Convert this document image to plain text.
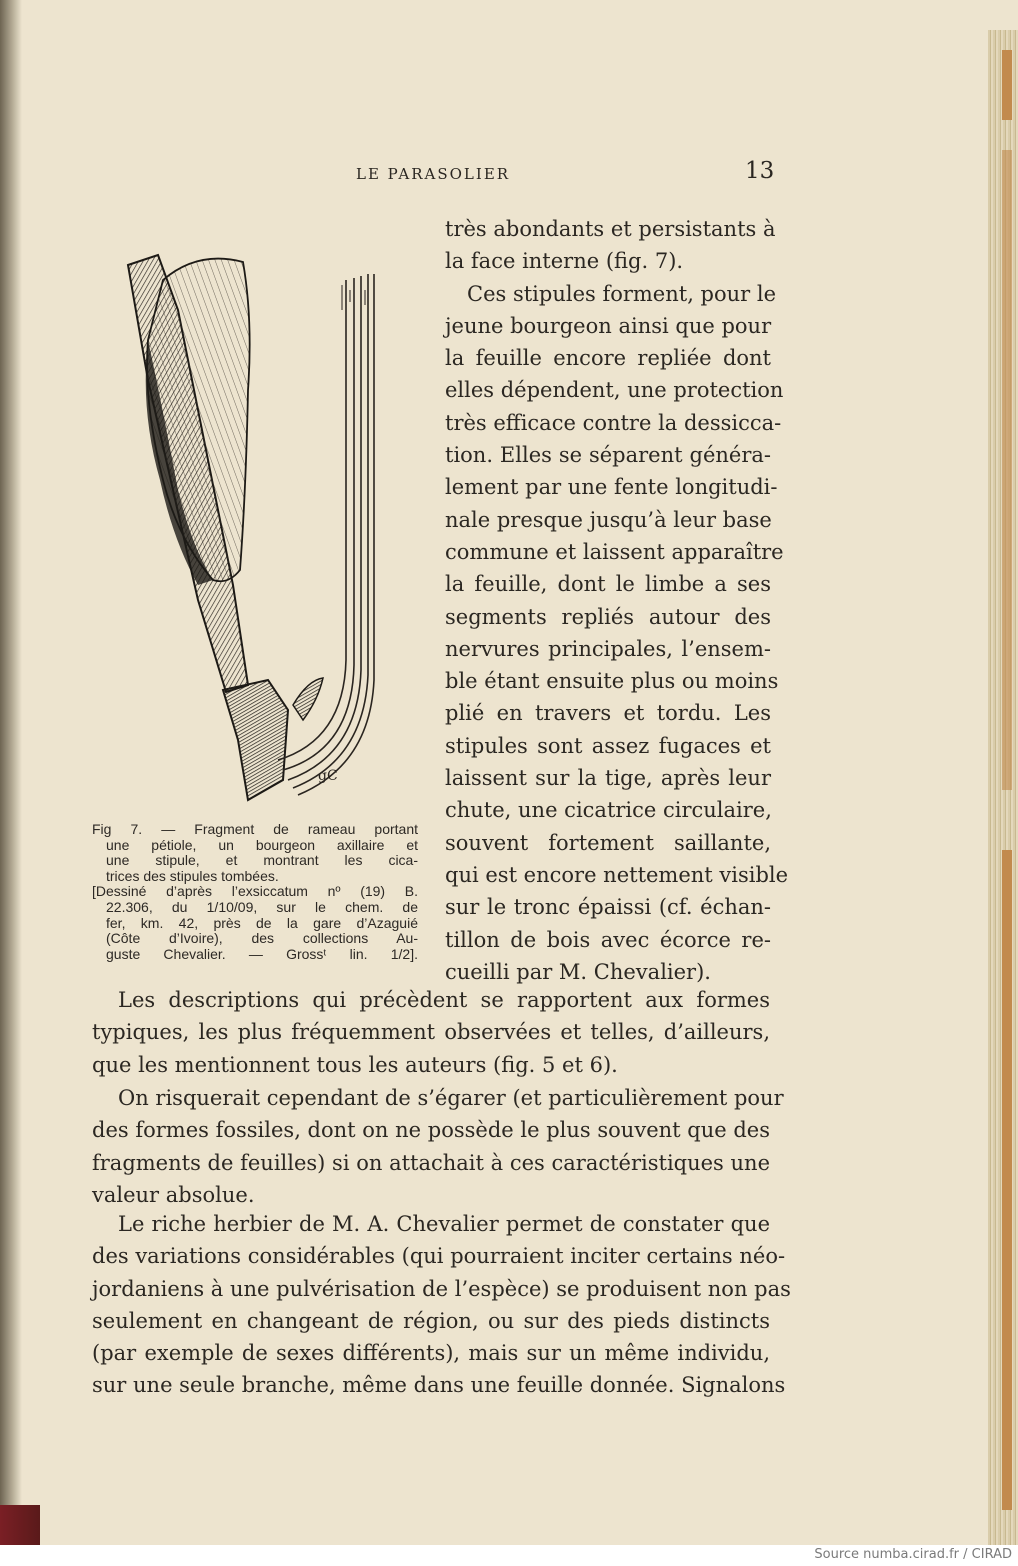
LE PARASOLIER	13
gC
Fig 7. — Fragment de rameau portant
une pétiole, un bourgeon axillaire et
une stipule, et montrant les cica-
trices des stipules tombées.
[Dessiné d’après l’exsiccatum nº (19) B.
22.306, du 1/10/09, sur le chem. de
fer, km. 42, près de la gare d’Azaguié
(Côte d’Ivoire), des collections Au-
guste Chevalier. — Grossᵗ lin. 1/2].
très abondants et persistants à
la face interne (fig. 7).
Ces stipules forment, pour le
jeune bourgeon ainsi que pour
la feuille encore repliée dont
elles dépendent, une protection
très efficace contre la dessicca-
tion. Elles se séparent généra-
lement par une fente longitudi-
nale presque jusqu’à leur base
commune et laissent apparaître
la feuille, dont le limbe a ses
segments repliés autour des
nervures principales, l’ensem-
ble étant ensuite plus ou moins
plié en travers et tordu. Les
stipules sont assez fugaces et
laissent sur la tige, après leur
chute, une cicatrice circulaire,
souvent fortement saillante,
qui est encore nettement visible
sur le tronc épaissi (cf. échan-
tillon de bois avec écorce re-
cueilli par M. Chevalier).
Les descriptions qui précèdent se rapportent aux formes
typiques, les plus fréquemment observées et telles, d’ailleurs,
que les mentionnent tous les auteurs (fig. 5 et 6).
On risquerait cependant de s’égarer (et particulièrement pour
des formes fossiles, dont on ne possède le plus souvent que des
fragments de feuilles) si on attachait à ces caractéristiques une
valeur absolue.
Le riche herbier de M. A. Chevalier permet de constater que
des variations considérables (qui pourraient inciter certains néo-
jordaniens à une pulvérisation de l’espèce) se produisent non pas
seulement en changeant de région, ou sur des pieds distincts
(par exemple de sexes différents), mais sur un même individu,
sur une seule branche, même dans une feuille donnée. Signalons
Source numba.cirad.fr / CIRAD
